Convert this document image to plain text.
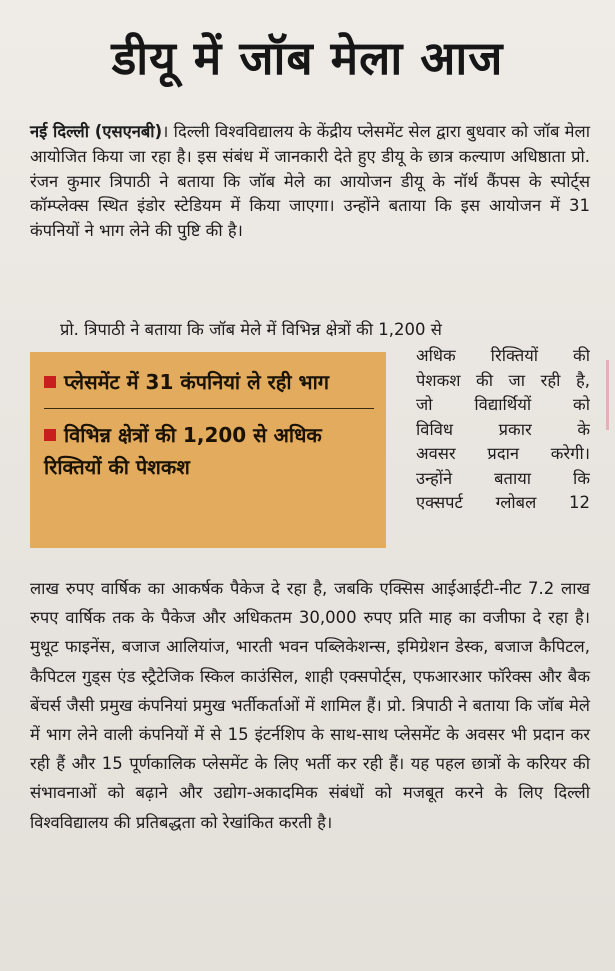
डीयू में जॉब मेला आज
नई दिल्ली (एसएनबी)। दिल्ली विश्वविद्यालय के केंद्रीय प्लेसमेंट सेल द्वारा बुधवार को जॉब मेला आयोजित किया जा रहा है। इस संबंध में जानकारी देते हुए डीयू के छात्र कल्याण अधिष्ठाता प्रो. रंजन कुमार त्रिपाठी ने बताया कि जॉब मेले का आयोजन डीयू के नॉर्थ कैंपस के स्पोर्ट्स कॉम्प्लेक्स स्थित इंडोर स्टेडियम में किया जाएगा। उन्होंने बताया कि इस आयोजन में 31 कंपनियों ने भाग लेने की पुष्टि की है।
प्रो. त्रिपाठी ने बताया कि जॉब मेले में विभिन्न क्षेत्रों की 1,200 से
प्लेसमेंट में 31 कंपनियां ले रही भाग
विभिन्न क्षेत्रों की 1,200 से अधिक रिक्तियों की पेशकश
अधिक रिक्तियों की
पेशकश की जा रही है,
जो विद्यार्थियों को
विविध प्रकार के
अवसर प्रदान करेगी।
उन्होंने बताया कि
एक्सपर्ट ग्लोबल 12
लाख रुपए वार्षिक का आकर्षक पैकेज दे रहा है, जबकि एक्सिस आईआईटी-नीट 7.2 लाख रुपए वार्षिक तक के पैकेज और अधिकतम 30,000 रुपए प्रति माह का वजीफा दे रहा है। मुथूट फाइनेंस, बजाज आलियांज, भारती भवन पब्लिकेशन्स, इमिग्रेशन डेस्क, बजाज कैपिटल, कैपिटल गुड्स एंड स्ट्रैटेजिक स्किल काउंसिल, शाही एक्सपोर्ट्स, एफआरआर फॉरेक्स और बैक बेंचर्स जैसी प्रमुख कंपनियां प्रमुख भर्तीकर्ताओं में शामिल हैं। प्रो. त्रिपाठी ने बताया कि जॉब मेले में भाग लेने वाली कंपनियों में से 15 इंटर्नशिप के साथ-साथ प्लेसमेंट के अवसर भी प्रदान कर रही हैं और 15 पूर्णकालिक प्लेसमेंट के लिए भर्ती कर रही हैं। यह पहल छात्रों के करियर की संभावनाओं को बढ़ाने और उद्योग-अकादमिक संबंधों को मजबूत करने के लिए दिल्ली विश्वविद्यालय की प्रतिबद्धता को रेखांकित करती है।
